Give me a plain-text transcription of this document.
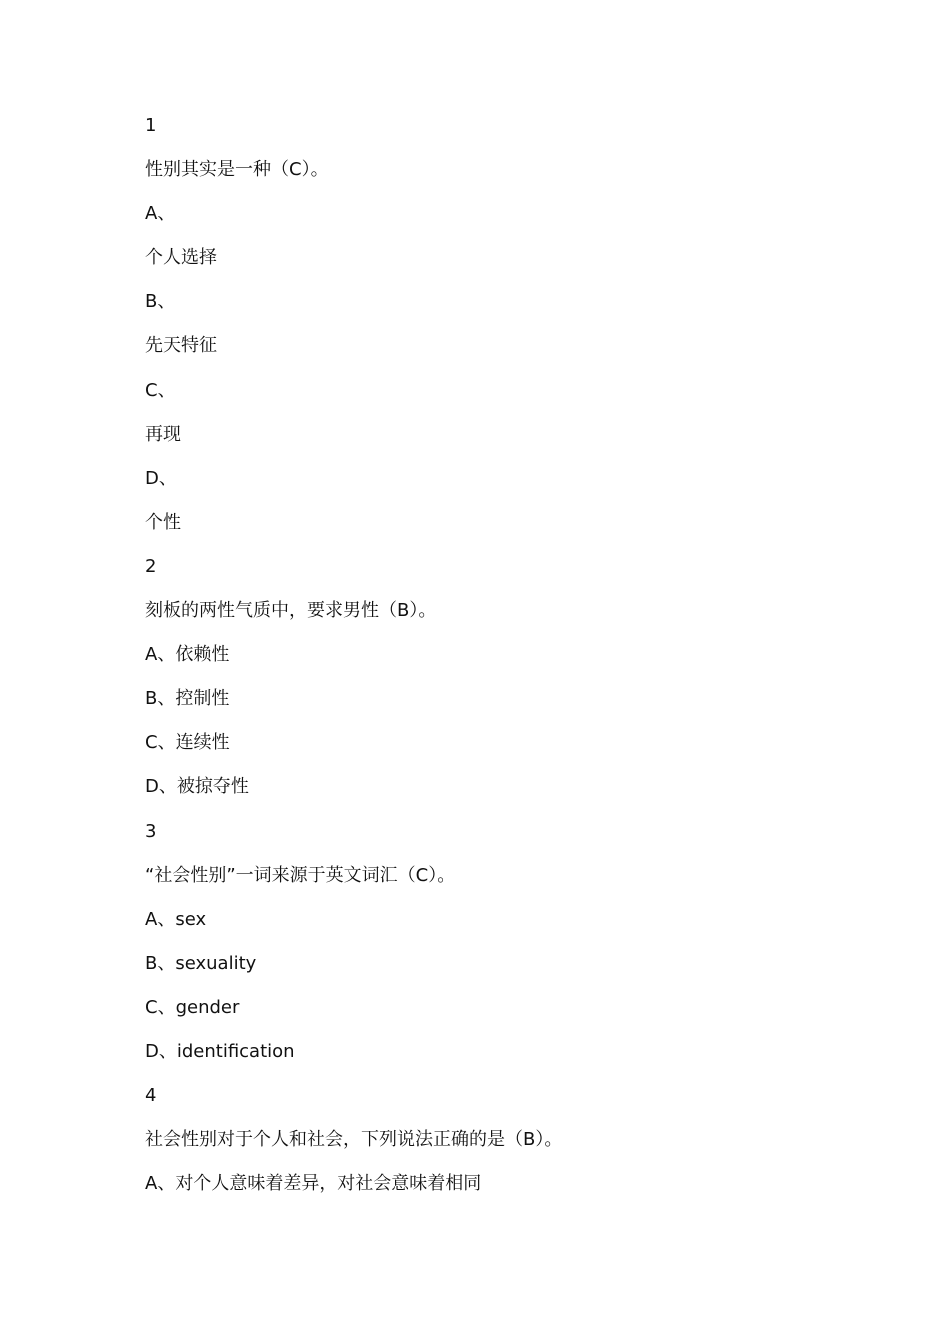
1
性别其实是一种（C）。
A、
个人选择
B、
先天特征
C、
再现
D、
个性
2
刻板的两性气质中，要求男性（B）。
A、依赖性
B、控制性
C、连续性
D、被掠夺性
3
“社会性别”一词来源于英文词汇（C）。
A、sex
B、sexuality
C、gender
D、identification
4
社会性别对于个人和社会，下列说法正确的是（B）。
A、对个人意味着差异，对社会意味着相同
